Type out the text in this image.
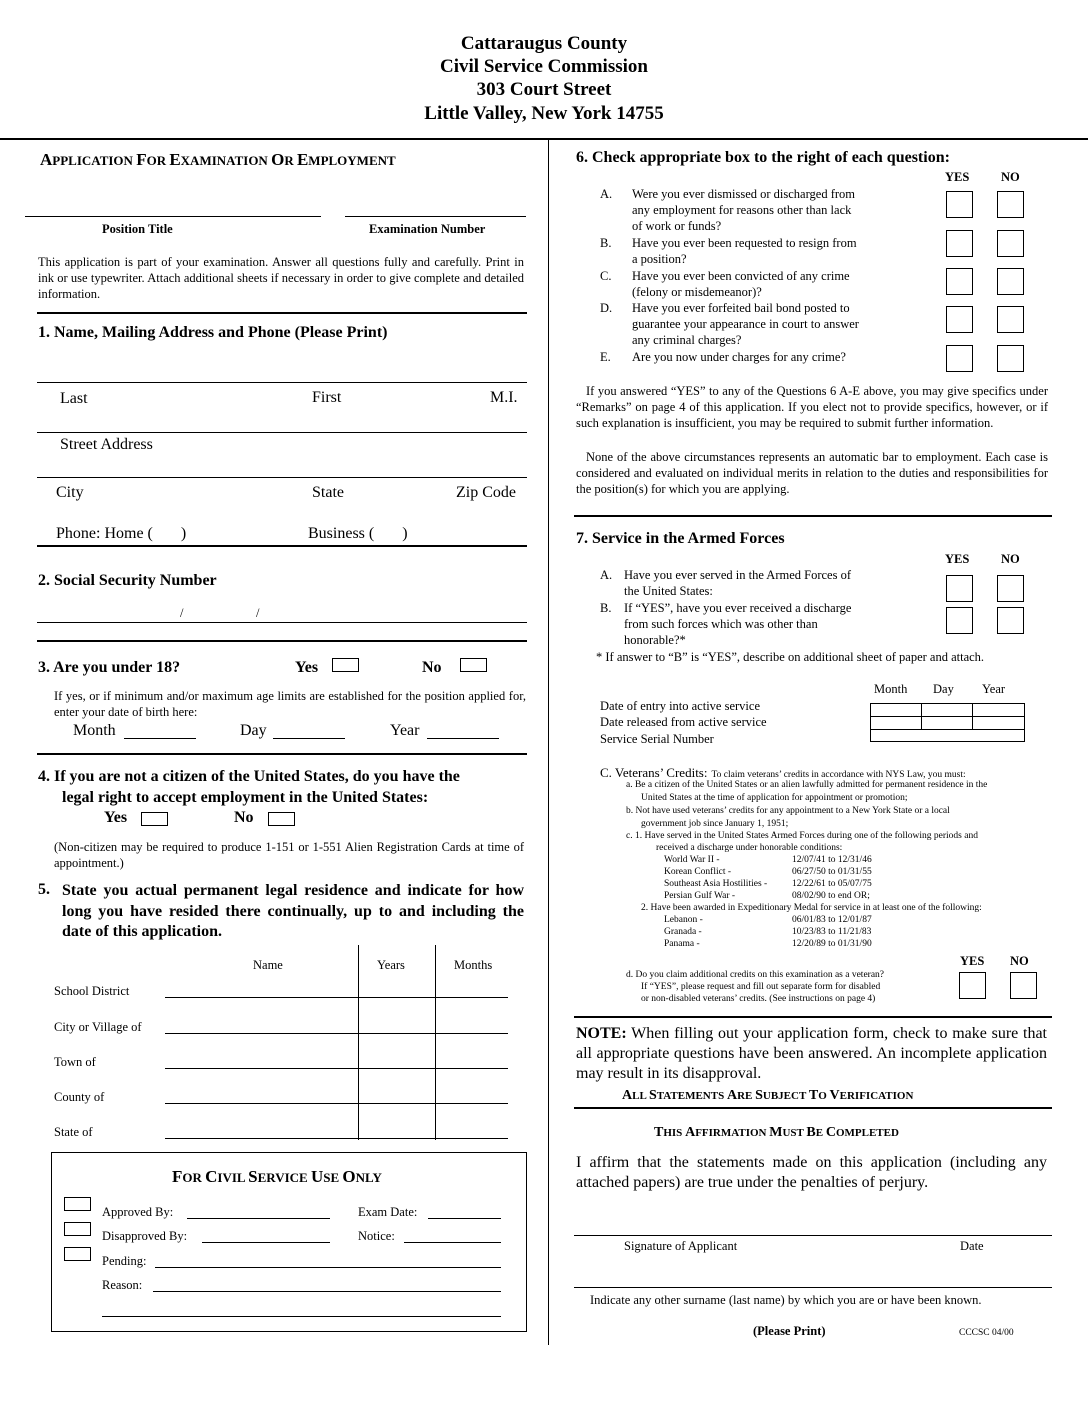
Cattaraugus County
Civil Service Commission
303 Court Street
Little Valley, New York 14755
APPLICATION FOR EXAMINATION OR EMPLOYMENT
Position Title	Examination Number
This application is part of your examination. Answer all questions fully and carefully. Print in ink or use typewriter. Attach additional sheets if necessary in order to give complete and detailed information.
1. Name, Mailing Address and Phone (Please Print)
Last	First	M.I.
Street Address
City	State	Zip Code
Phone: Home ( )	Business ( )
2. Social Security Number
/	/
3. Are you under 18?	Yes	No
If yes, or if minimum and/or maximum age limits are established for the position applied for, enter your date of birth here:
Month	Day	Year
4. If you are not a citizen of the United States, do you have the
legal right to accept employment in the United States:
Yes	No
(Non-citizen may be required to produce 1-151 or 1-551 Alien Registration Cards at time of appointment.)
5. State you actual permanent legal residence and indicate for how long you have resided there continually, up to and including the date of this application.
Name	Years	Months
School District
City or Village of
Town of
County of
State of
FOR CIVIL SERVICE USE ONLY
Approved By:	Exam Date:
Disapproved By:	Notice:
Pending:
Reason:
6. Check appropriate box to the right of each question:
YES	NO
A. Were you ever dismissed or discharged from
any employment for reasons other than lack
of work or funds?
B. Have you ever been requested to resign from
a position?
C. Have you ever been convicted of any crime
(felony or misdemeanor)?
D. Have you ever forfeited bail bond posted to
guarantee your appearance in court to answer
any criminal charges?
E. Are you now under charges for any crime?
If you answered “YES” to any of the Questions 6 A-E above, you may give specifics under “Remarks” on page 4 of this application. If you elect not to provide specifics, however, or if such explanation is insufficient, you may be required to submit further information.
None of the above circumstances represents an automatic bar to employment. Each case is considered and evaluated on individual merits in relation to the duties and responsibilities for the position(s) for which you are applying.
7. Service in the Armed Forces
YES	NO
A. Have you ever served in the Armed Forces of
the United States:
B. If “YES”, have you ever received a discharge
from such forces which was other than
honorable?*
* If answer to “B” is “YES”, describe on additional sheet of paper and attach.
Month Day Year
Date of entry into active service
Date released from active service
Service Serial Number
C. Veterans’ Credits: To claim veterans’ credits in accordance with NYS Law, you must:
a. Be a citizen of the United States or an alien lawfully admitted for permanent residence in the
United States at the time of application for appointment or promotion;
b. Not have used veterans’ credits for any appointment to a New York State or a local
government job since January 1, 1951;
c. 1. Have served in the United States Armed Forces during one of the following periods and
received a discharge under honorable conditions:
World War II -	12/07/41 to 12/31/46
Korean Conflict -	06/27/50 to 01/31/55
Southeast Asia Hostilities -	12/22/61 to 05/07/75
Persian Gulf War -	08/02/90 to end OR;
2. Have been awarded in Expeditionary Medal for service in at least one of the following:
Lebanon -	06/01/83 to 12/01/87
Granada -	10/23/83 to 11/21/83
Panama -	12/20/89 to 01/31/90
YES NO
d. Do you claim additional credits on this examination as a veteran?
If “YES”, please request and fill out separate form for disabled
or non-disabled veterans’ credits. (See instructions on page 4)
NOTE: When filling out your application form, check to make sure that all appropriate questions have been answered. An incomplete application may result in its disapproval.
ALL STATEMENTS ARE SUBJECT TO VERIFICATION
THIS AFFIRMATION MUST BE COMPLETED
I affirm that the statements made on this application (including any attached papers) are true under the penalties of perjury.
Signature of Applicant	Date
Indicate any other surname (last name) by which you are or have been known.
(Please Print)	CCCSC 04/00
